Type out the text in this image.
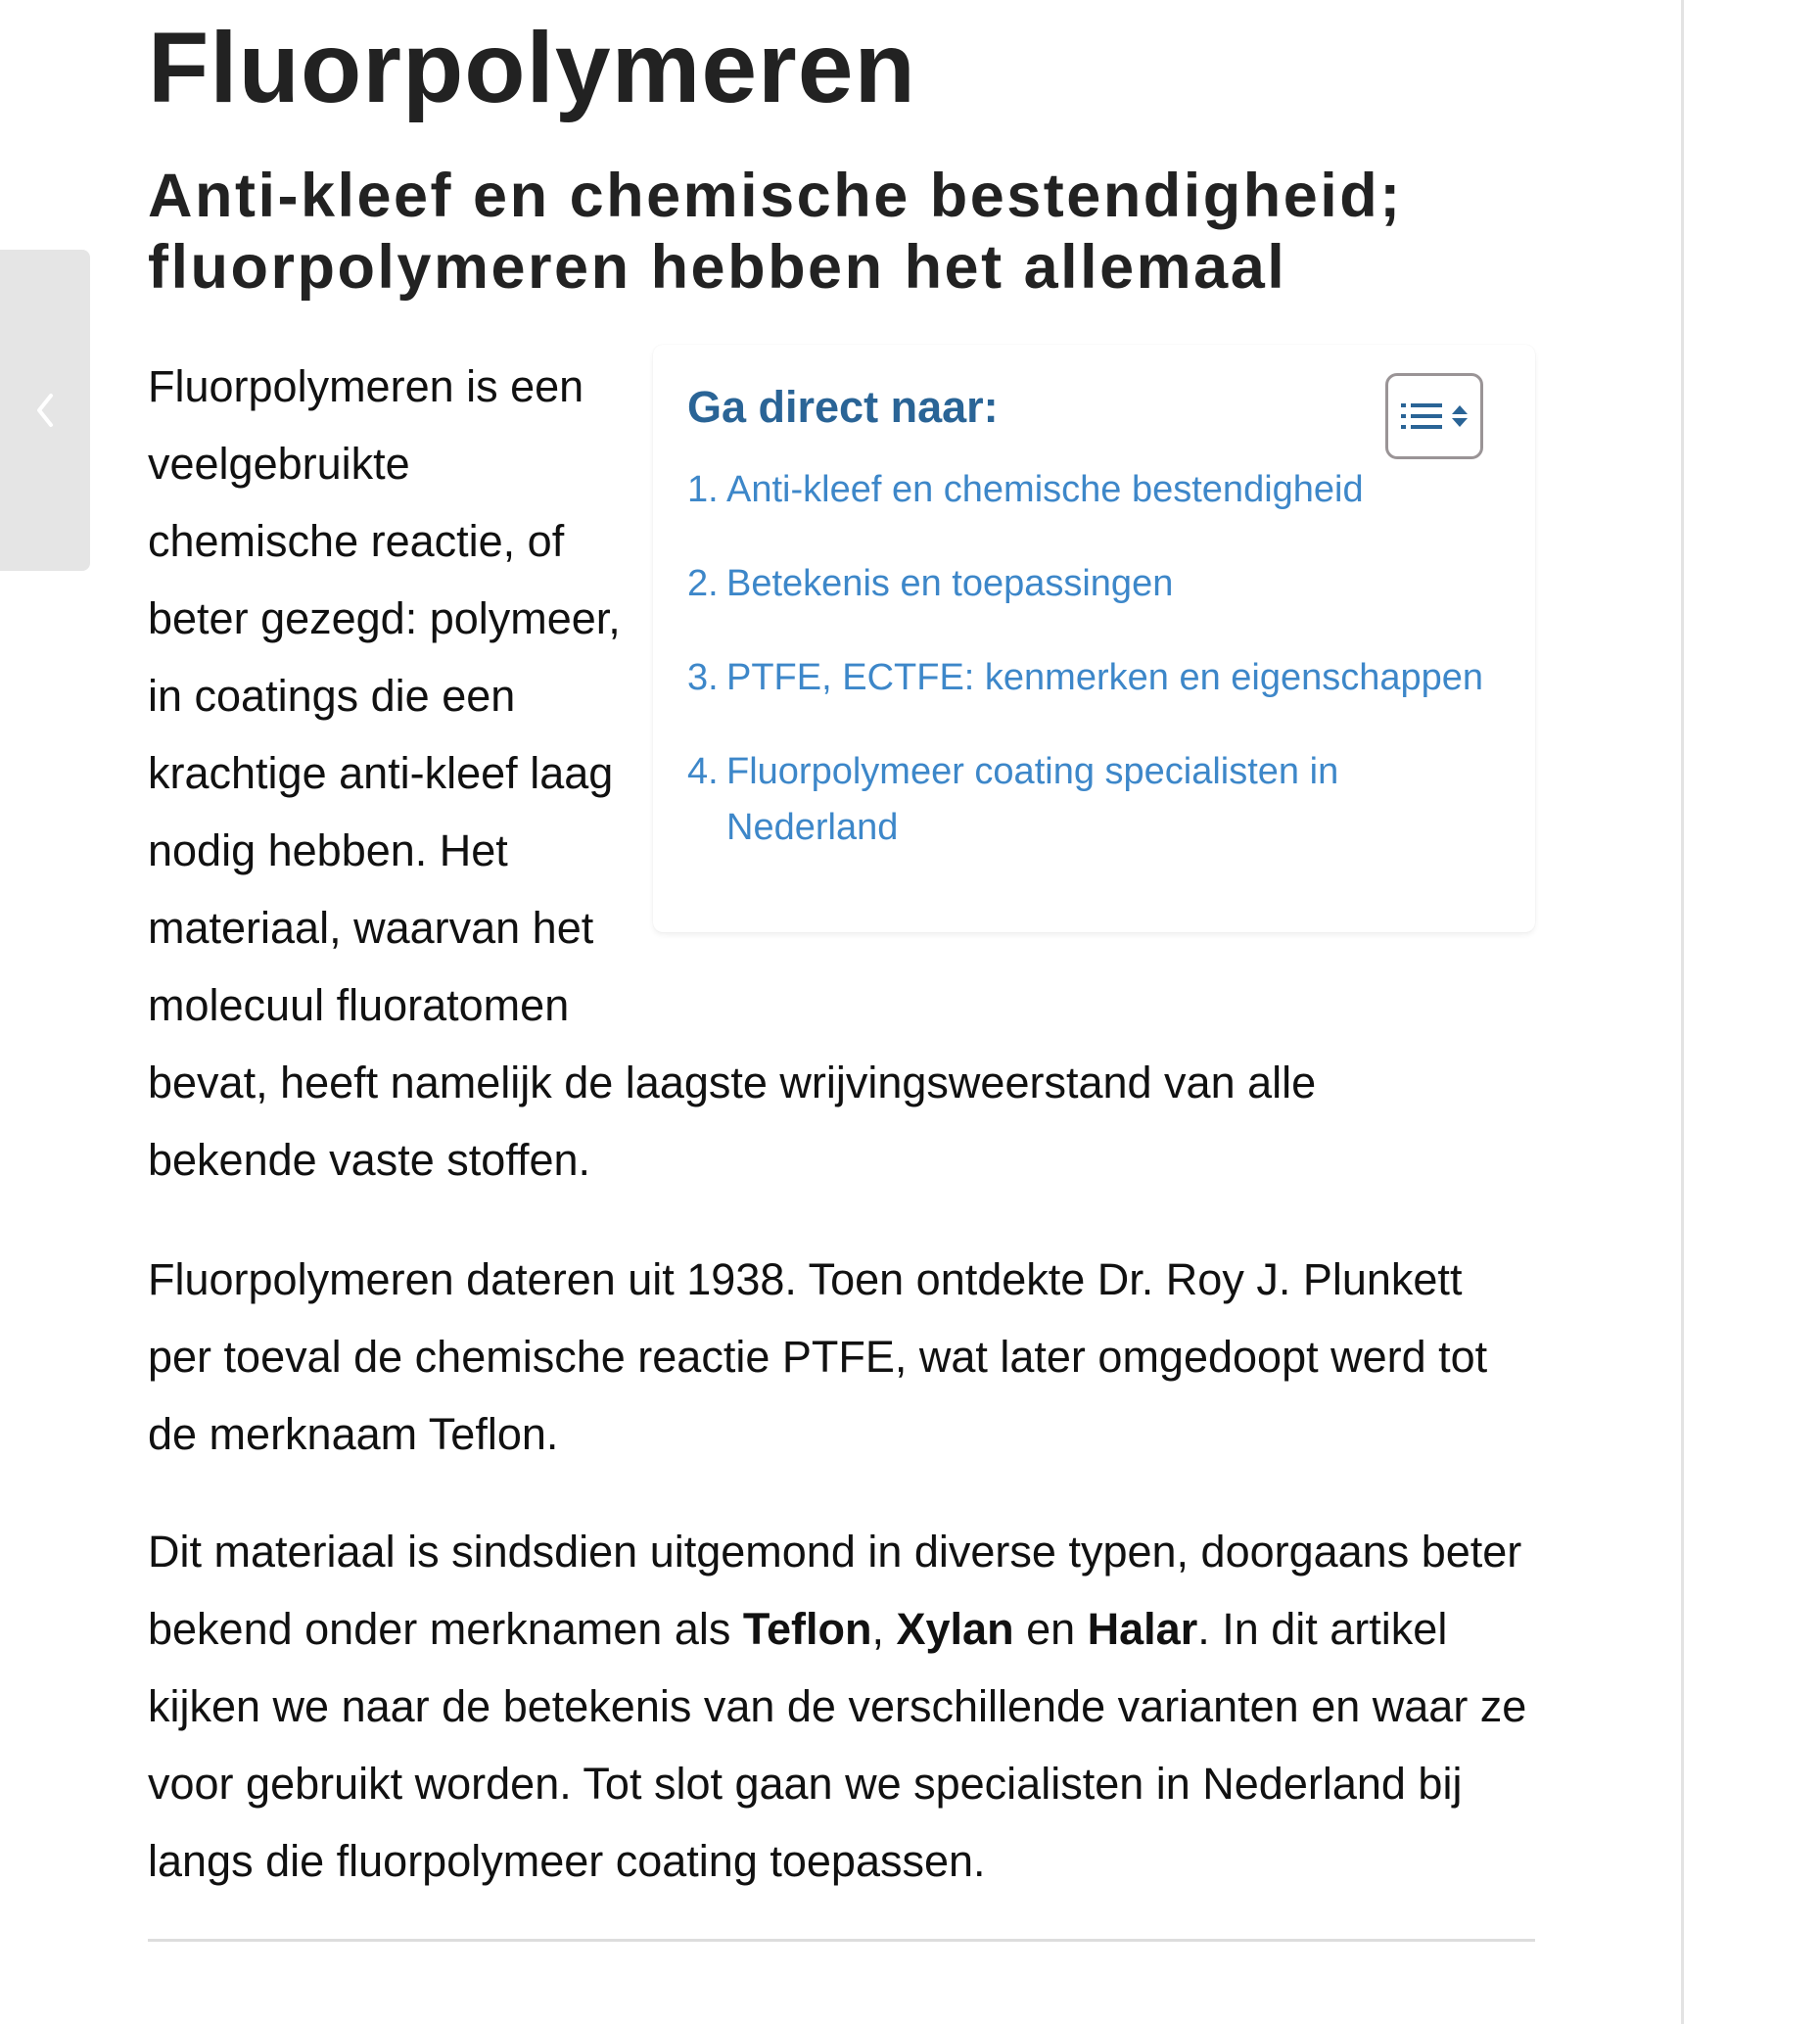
Fluorpolymeren
Anti-kleef en chemische bestendigheid; fluorpolymeren hebben het allemaal

Fluorpolymeren is een
veelgebruikte
chemische reactie, of
beter gezegd: polymeer,
in coatings die een
krachtige anti-kleef laag
nodig hebben. Het
materiaal, waarvan het
molecuul fluoratomen
bevat, heeft namelijk de laagste wrijvingsweerstand van alle
bekende vaste stoffen.

Fluorpolymeren dateren uit 1938. Toen ontdekte Dr. Roy J. Plunkett per toeval de chemische reactie PTFE, wat later omgedoopt werd tot de merknaam Teflon.

Dit materiaal is sindsdien uitgemond in diverse typen, doorgaans beter bekend onder merknamen als Teflon, Xylan en Halar. In dit artikel kijken we naar de betekenis van de verschillende varianten en waar ze voor gebruikt worden. Tot slot gaan we specialisten in Nederland bij langs die fluorpolymeer coating toepassen.

Ga direct naar:
1. Anti-kleef en chemische bestendigheid
2. Betekenis en toepassingen
3. PTFE, ECTFE: kenmerken en eigenschappen
4. Fluorpolymeer coating specialisten in Nederland
